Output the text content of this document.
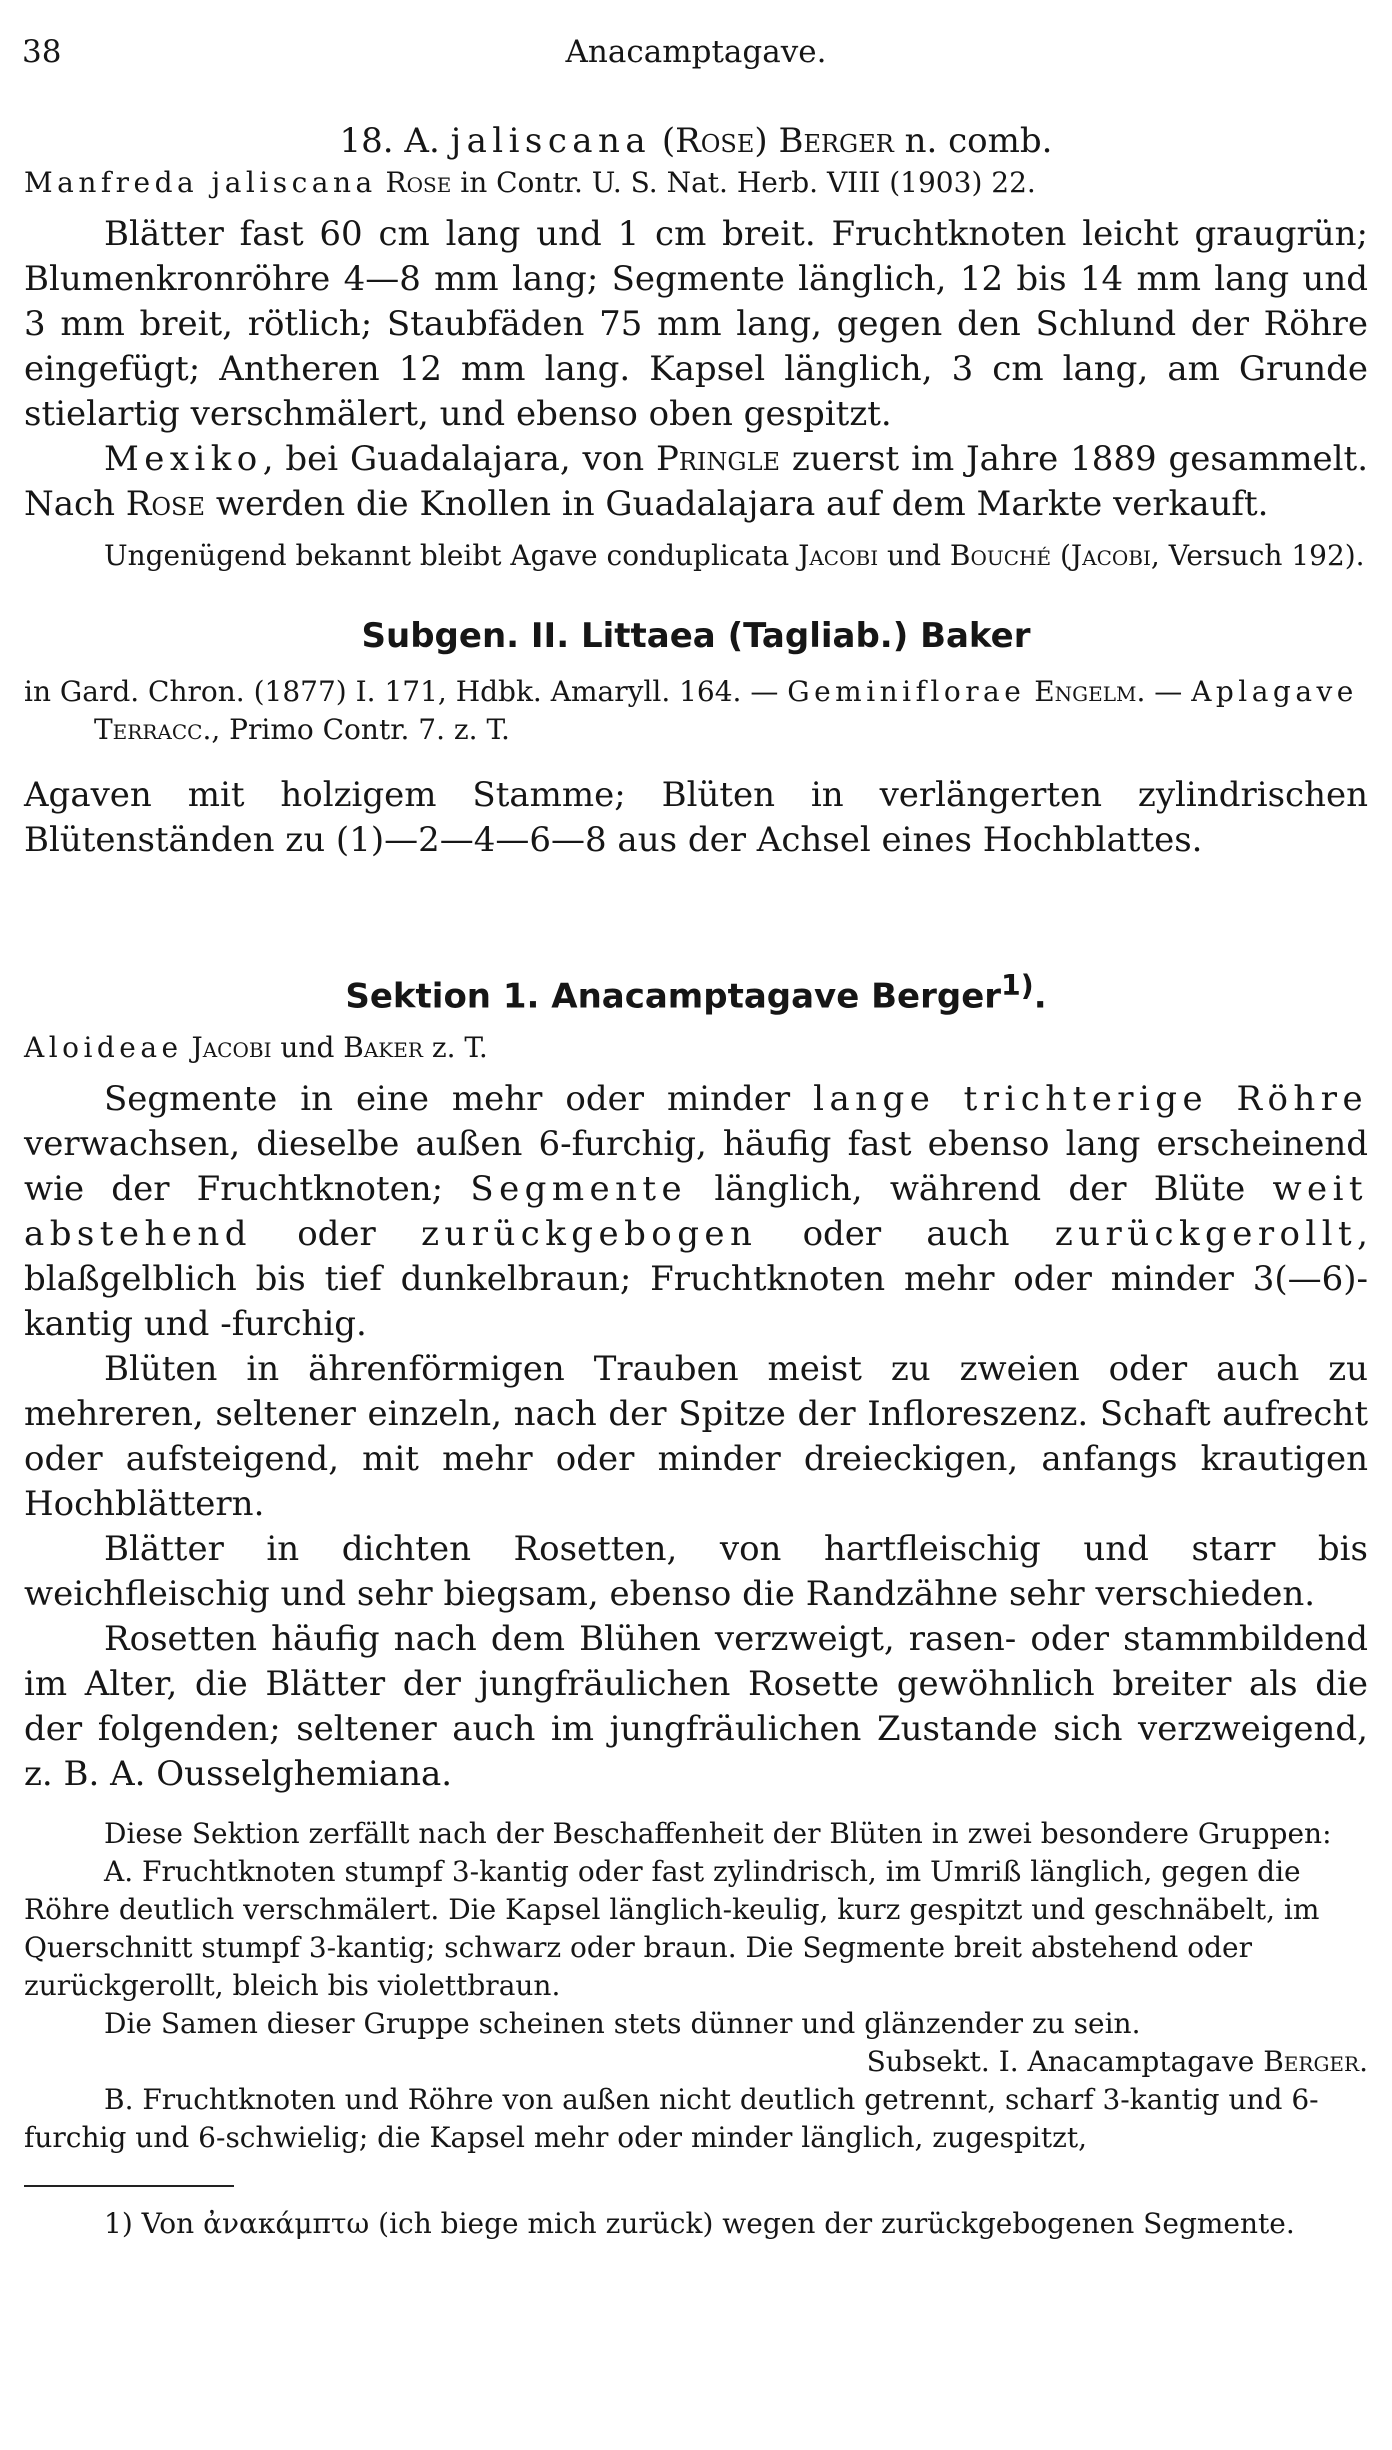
38	Anacamptagave.

18. A. jaliscana (Rose) Berger n. comb.

Manfreda jaliscana Rose in Contr. U. S. Nat. Herb. VIII (1903) 22.

Blätter fast 60 cm lang und 1 cm breit. Fruchtknoten leicht graugrün; Blumenkronröhre 4—8 mm lang; Segmente länglich, 12 bis 14 mm lang und 3 mm breit, rötlich; Staubfäden 75 mm lang, gegen den Schlund der Röhre eingefügt; Antheren 12 mm lang. Kapsel länglich, 3 cm lang, am Grunde stielartig verschmälert, und ebenso oben gespitzt.

Mexiko, bei Guadalajara, von Pringle zuerst im Jahre 1889 gesammelt. Nach Rose werden die Knollen in Guadalajara auf dem Markte verkauft.

Ungenügend bekannt bleibt Agave conduplicata Jacobi und Bouché (Jacobi, Versuch 192).

Subgen. II. Littaea (Tagliab.) Baker

in Gard. Chron. (1877) I. 171, Hdbk. Amaryll. 164. — Geminiflorae Engelm. — Aplagave Terracc., Primo Contr. 7. z. T.

Agaven mit holzigem Stamme; Blüten in verlängerten zylindrischen Blütenständen zu (1)—2—4—6—8 aus der Achsel eines Hochblattes.

Sektion 1. Anacamptagave Berger$^{1)}$.

Aloideae Jacobi und Baker z. T.

Segmente in eine mehr oder minder lange trichterige Röhre verwachsen, dieselbe außen 6-furchig, häufig fast ebenso lang erscheinend wie der Fruchtknoten; Segmente länglich, während der Blüte weit abstehend oder zurückgebogen oder auch zurückgerollt, blaßgelblich bis tief dunkelbraun; Fruchtknoten mehr oder minder 3(—6)-kantig und -furchig.

Blüten in ährenförmigen Trauben meist zu zweien oder auch zu mehreren, seltener einzeln, nach der Spitze der Infloreszenz. Schaft aufrecht oder aufsteigend, mit mehr oder minder dreieckigen, anfangs krautigen Hochblättern.

Blätter in dichten Rosetten, von hartfleischig und starr bis weichfleischig und sehr biegsam, ebenso die Randzähne sehr verschieden.

Rosetten häufig nach dem Blühen verzweigt, rasen- oder stammbildend im Alter, die Blätter der jungfräulichen Rosette gewöhnlich breiter als die der folgenden; seltener auch im jungfräulichen Zustande sich verzweigend, z. B. A. Ousselghemiana.

Diese Sektion zerfällt nach der Beschaffenheit der Blüten in zwei besondere Gruppen:

A. Fruchtknoten stumpf 3-kantig oder fast zylindrisch, im Umriß länglich, gegen die Röhre deutlich verschmälert. Die Kapsel länglich-keulig, kurz gespitzt und geschnäbelt, im Querschnitt stumpf 3-kantig; schwarz oder braun. Die Segmente breit abstehend oder zurückgerollt, bleich bis violettbraun.

Die Samen dieser Gruppe scheinen stets dünner und glänzender zu sein.

Subsekt. I. Anacamptagave Berger.

B. Fruchtknoten und Röhre von außen nicht deutlich getrennt, scharf 3-kantig und 6-furchig und 6-schwielig; die Kapsel mehr oder minder länglich, zugespitzt,

1) Von ἀνακάμπτω (ich biege mich zurück) wegen der zurückgebogenen Segmente.
